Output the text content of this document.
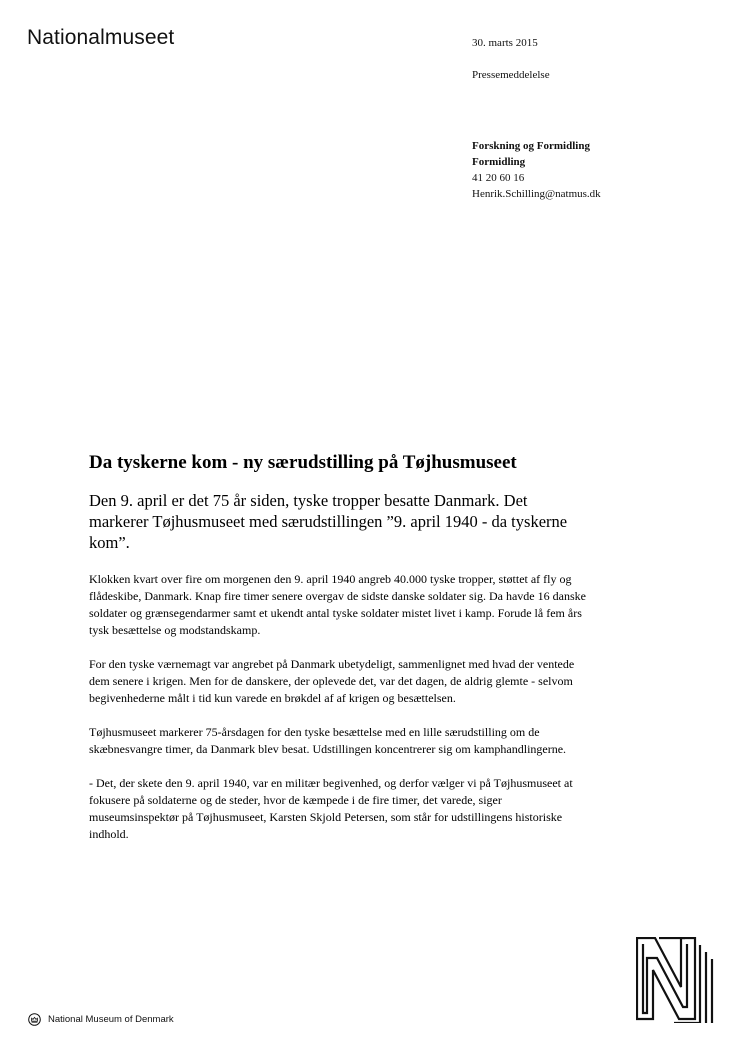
Nationalmuseet	30. marts 2015
Pressemeddelelse
Forskning og Formidling
Formidling
41 20 60 16
Henrik.Schilling@natmus.dk
Da tyskerne kom - ny særudstilling på Tøjhusmuseet
Den 9. april er det 75 år siden, tyske tropper besatte Danmark. Det markerer Tøjhusmuseet med særudstillingen ”9. april 1940 - da tyskerne kom”.
Klokken kvart over fire om morgenen den 9. april 1940 angreb 40.000 tyske tropper, støttet af fly og flådeskibe, Danmark. Knap fire timer senere overgav de sidste danske soldater sig. Da havde 16 danske soldater og grænsegendarmer samt et ukendt antal tyske soldater mistet livet i kamp. Forude lå fem års tysk besættelse og modstandskamp.
For den tyske værnemagt var angrebet på Danmark ubetydeligt, sammenlignet med hvad der ventede dem senere i krigen. Men for de danskere, der oplevede det, var det dagen, de aldrig glemte - selvom begivenhederne målt i tid kun varede en brøkdel af af krigen og besættelsen.
Tøjhusmuseet markerer 75-årsdagen for den tyske besættelse med en lille særudstilling om de skæbnesvangre timer, da Danmark blev besat. Udstillingen koncentrerer sig om kamphandlingerne.
- Det, der skete den 9. april 1940, var en militær begivenhed, og derfor vælger vi på Tøjhusmuseet at fokusere på soldaterne og de steder, hvor de kæmpede i de fire timer, det varede, siger museumsinspektør på Tøjhusmuseet, Karsten Skjold Petersen, som står for udstillingens historiske indhold.
National Museum of Denmark
